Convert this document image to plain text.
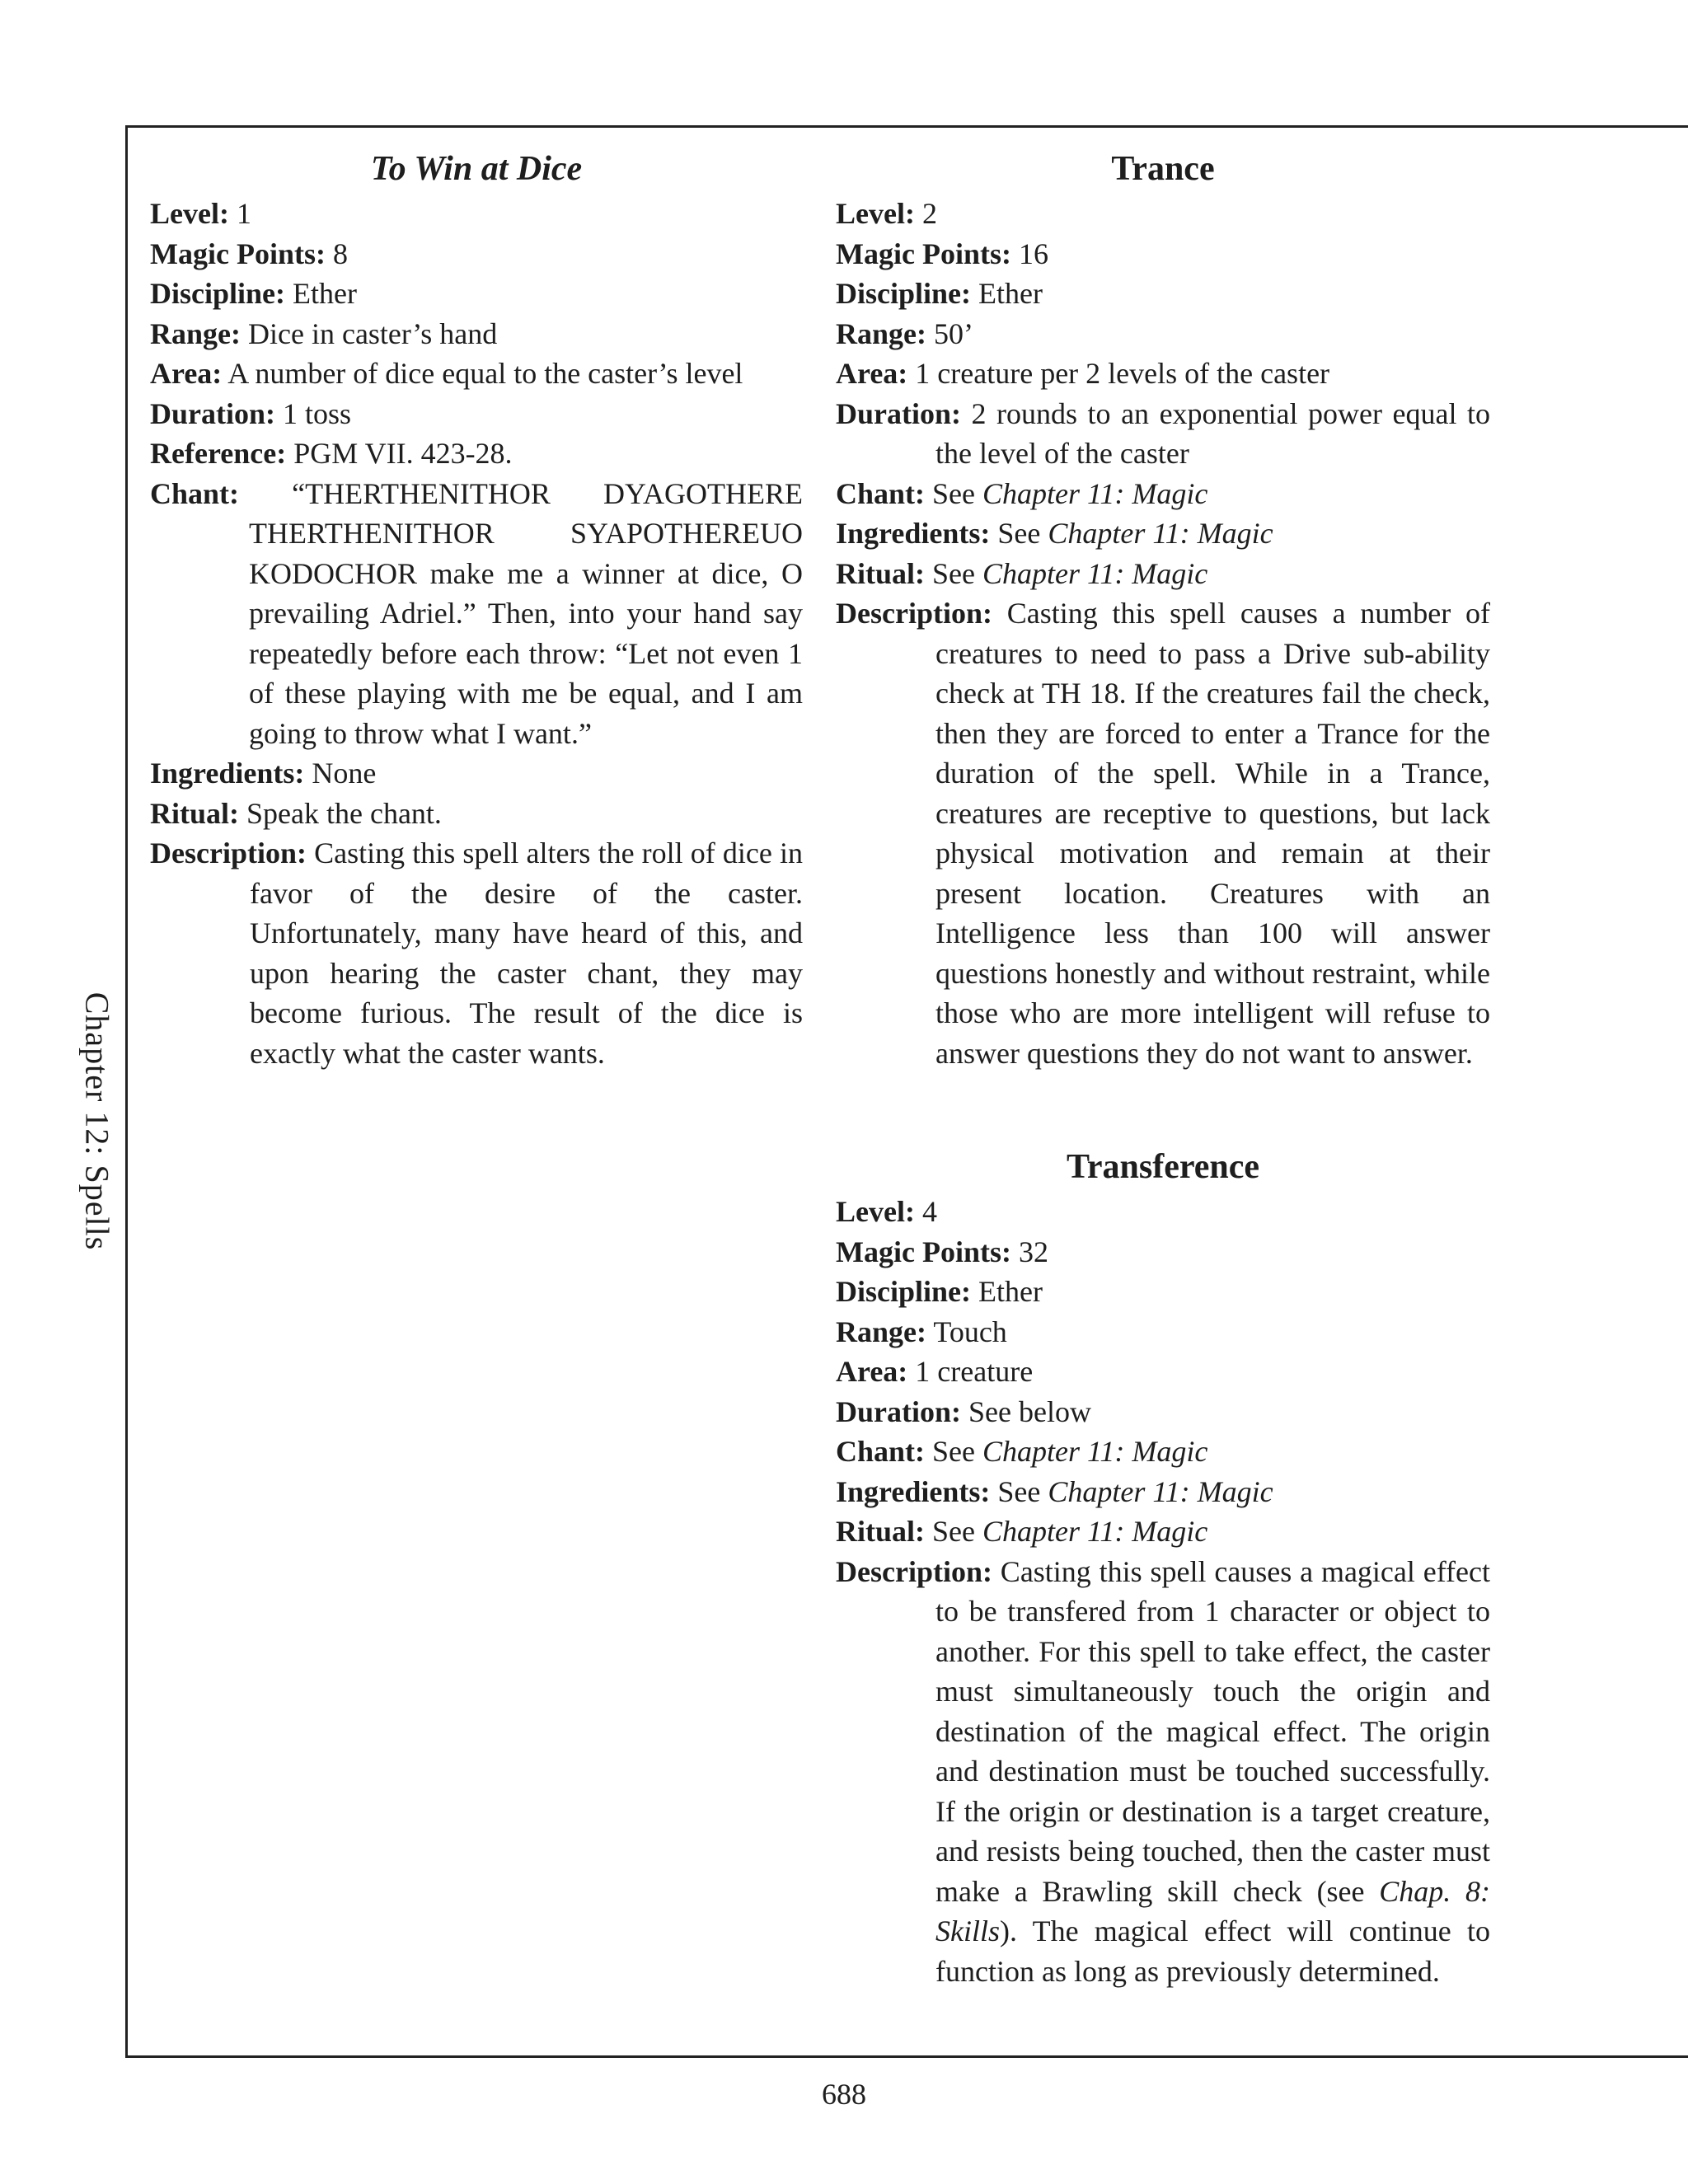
Chapter 12: Spells

To Win at Dice

Level: 1
Magic Points: 8
Discipline: Ether
Range: Dice in caster’s hand
Area: A number of dice equal to the caster’s level
Duration: 1 toss
Reference: PGM VII. 423-28.
Chant: “THERTHENITHOR DYAGOTHERE THERTHENITHOR SYAPOTHEREUO KODOCHOR make me a winner at dice, O prevailing Adriel.” Then, into your hand say repeatedly before each throw: “Let not even 1 of these playing with me be equal, and I am going to throw what I want.”
Ingredients: None
Ritual: Speak the chant.
Description: Casting this spell alters the roll of dice in favor of the desire of the caster. Unfortunately, many have heard of this, and upon hearing the caster chant, they may become furious. The result of the dice is exactly what the caster wants.

Trance

Level: 2
Magic Points: 16
Discipline: Ether
Range: 50’
Area: 1 creature per 2 levels of the caster
Duration: 2 rounds to an exponential power equal to the level of the caster
Chant: See Chapter 11: Magic
Ingredients: See Chapter 11: Magic
Ritual: See Chapter 11: Magic
Description: Casting this spell causes a number of creatures to need to pass a Drive sub-ability check at TH 18. If the creatures fail the check, then they are forced to enter a Trance for the duration of the spell. While in a Trance, creatures are receptive to questions, but lack physical motivation and remain at their present location. Creatures with an Intelligence less than 100 will answer questions honestly and without restraint, while those who are more intelligent will refuse to answer questions they do not want to answer.

Transference

Level: 4
Magic Points: 32
Discipline: Ether
Range: Touch
Area: 1 creature
Duration: See below
Chant: See Chapter 11: Magic
Ingredients: See Chapter 11: Magic
Ritual: See Chapter 11: Magic
Description: Casting this spell causes a magical effect to be transfered from 1 character or object to another. For this spell to take effect, the caster must simultaneously touch the origin and destination of the magical effect. The origin and destination must be touched successfully. If the origin or destination is a target creature, and resists being touched, then the caster must make a Brawling skill check (see Chap. 8: Skills). The magical effect will continue to function as long as previously determined.
688
